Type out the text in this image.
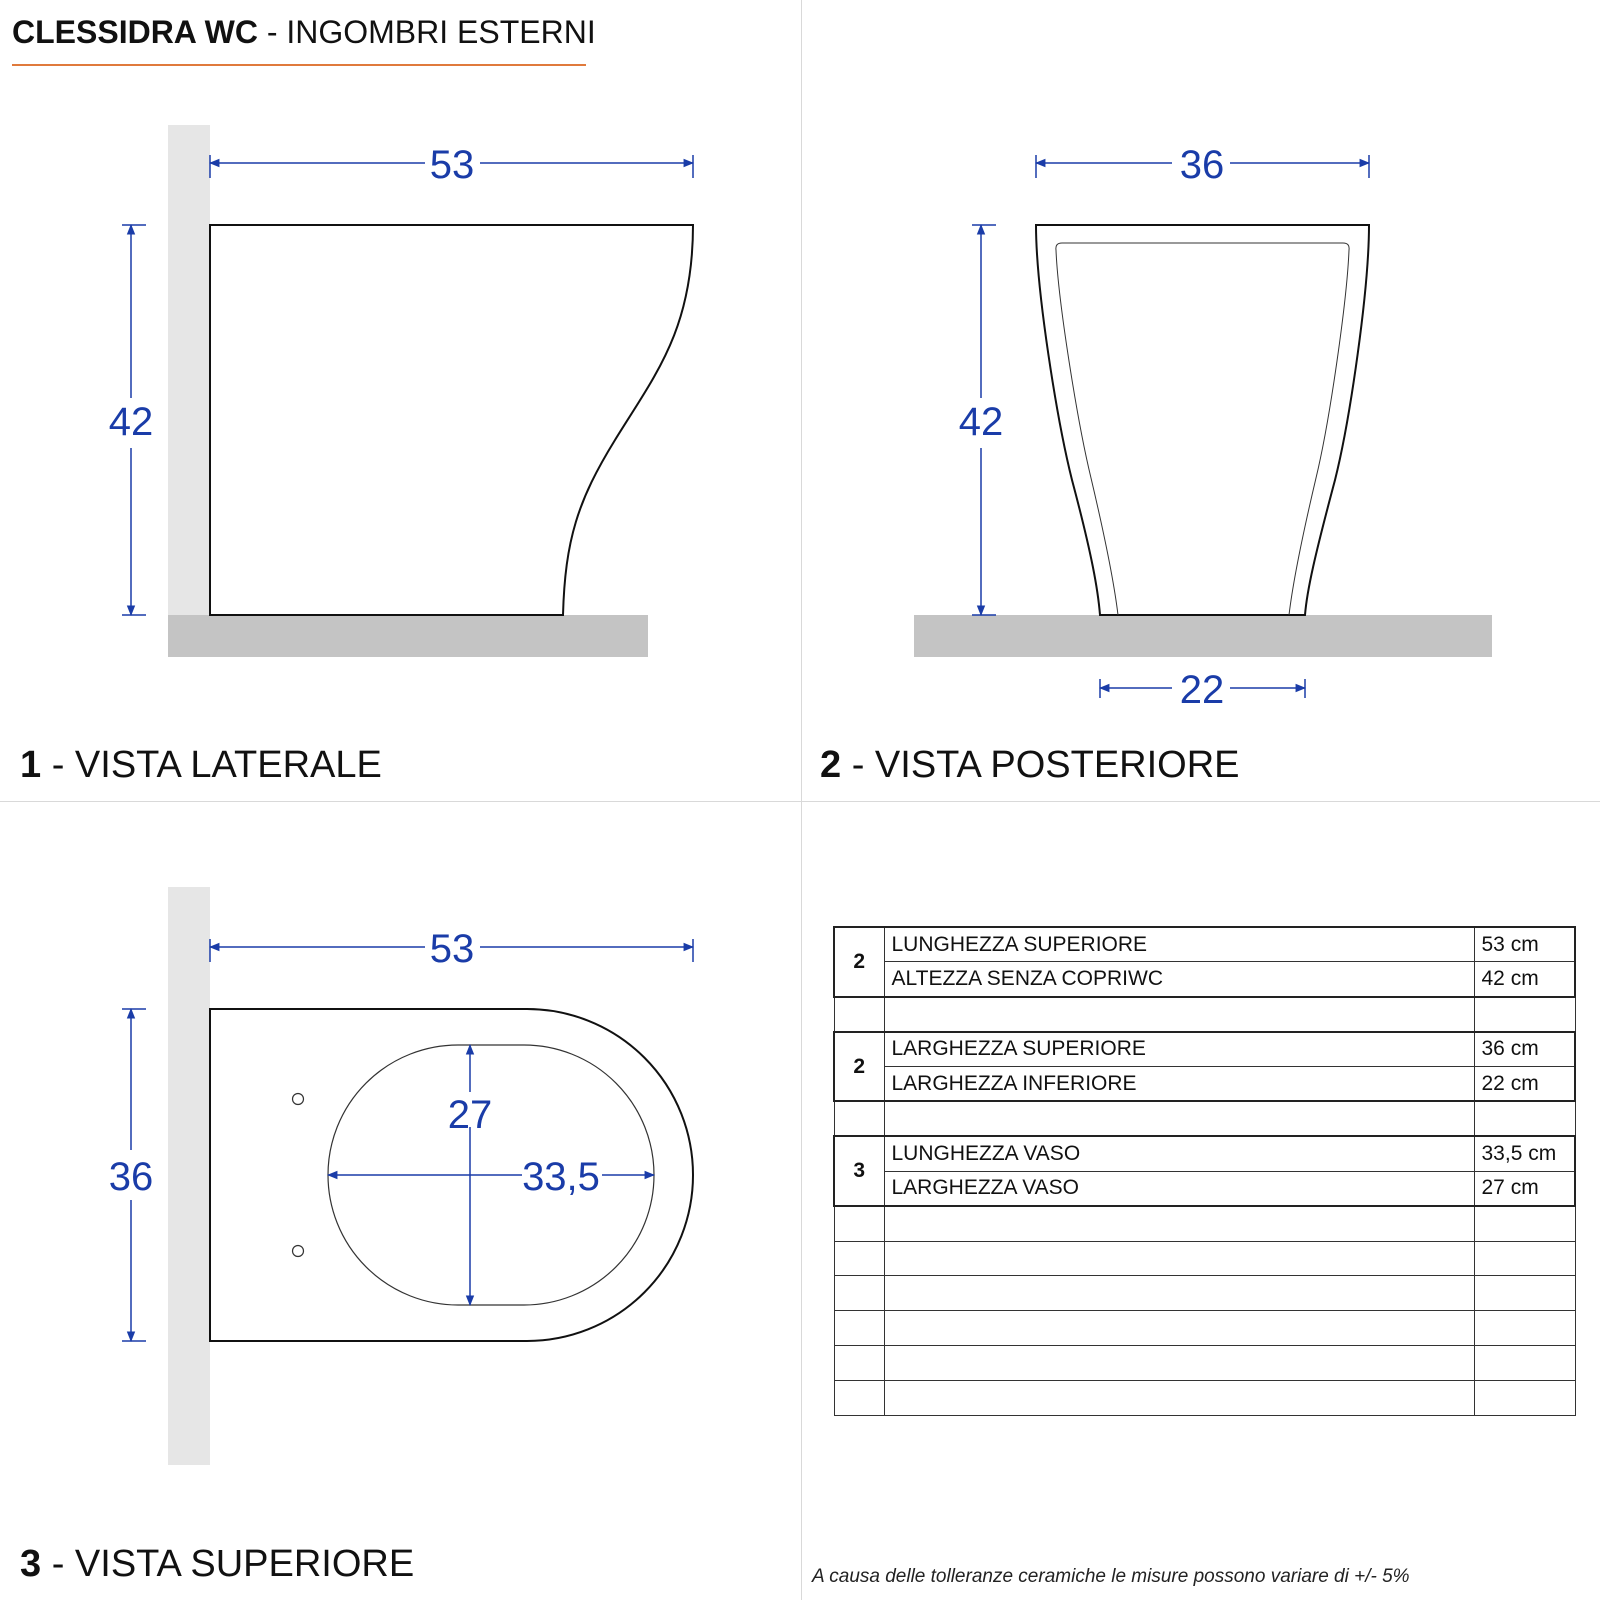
CLESSIDRA WC - INGOMBRI ESTERNI
53
42
36
42
22
53
36
27
33,5
1 - VISTA LATERALE	2 - VISTA POSTERIORE
3 - VISTA SUPERIORE
2	LUNGHEZZA SUPERIORE	53 cm
	ALTEZZA SENZA COPRIWC	42 cm

2	LARGHEZZA SUPERIORE	36 cm
	LARGHEZZA INFERIORE	22 cm

3	LUNGHEZZA VASO	33,5 cm
	LARGHEZZA VASO	27 cm

A causa delle tolleranze ceramiche le misure possono variare di +/- 5%
